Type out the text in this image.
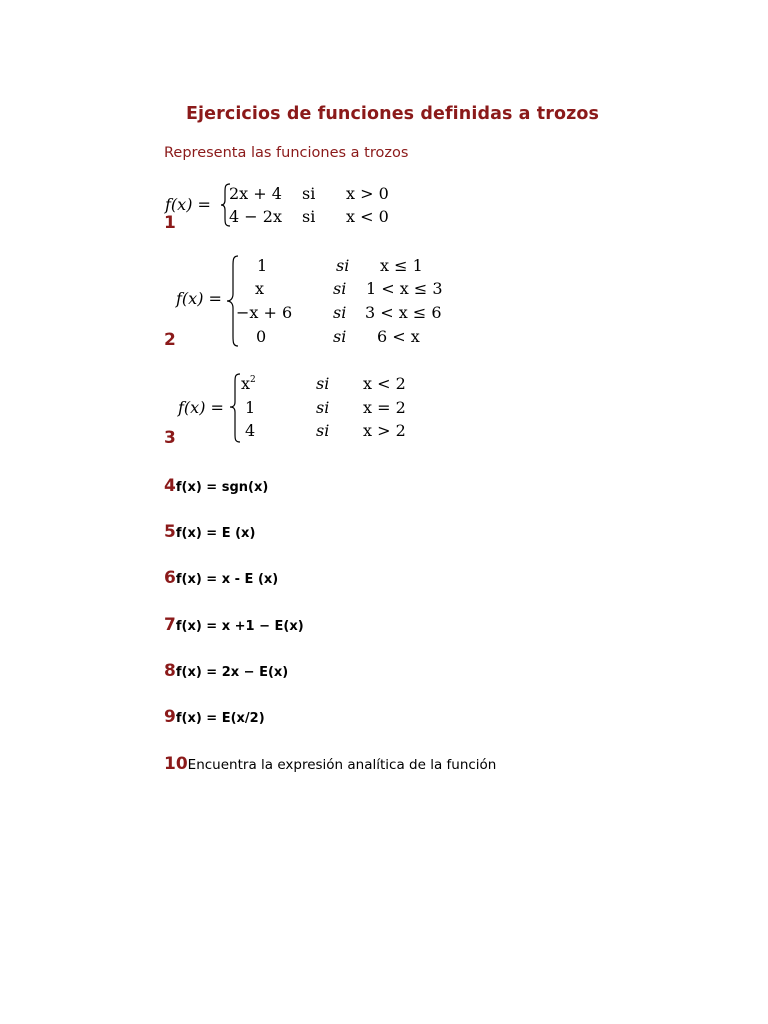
Ejercicios de funciones definidas a trozos
Representa las funciones a trozos
f(x) =
2x + 4 si x > 0
4 − 2x si x < 0
1
f(x) =
1	si x ≤ 1
x	si 1 < x ≤ 3
−x + 6	si 3 < x ≤ 6
0	si 6 < x
2
f(x) =
$x^2$	si x < 2
1	si x = 2
4	si x > 2
3
4f(x) = sgn(x)
5f(x) = E (x)
6f(x) = x - E (x)
7f(x) = x +1 − E(x)
8f(x) = 2x − E(x)
9f(x) = E(x/2)
10Encuentra la expresión analítica de la función
